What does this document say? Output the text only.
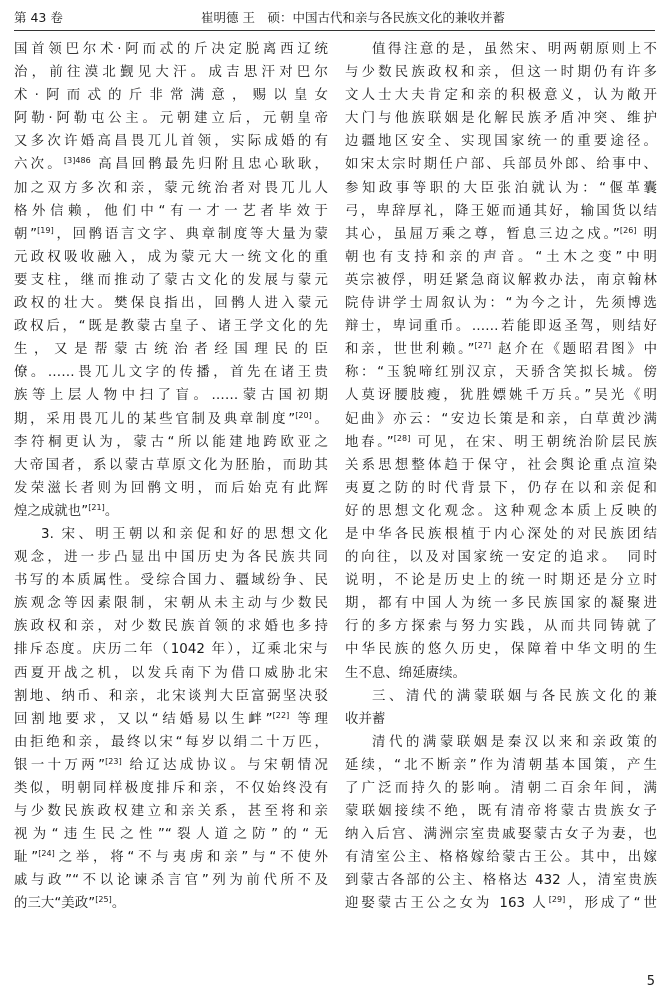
第 43 卷	崔明德 王　硕：中国古代和亲与各民族文化的兼收并蓄

国首领巴尔术·阿而忒的斤决定脱离西辽统

治，前往漠北觐见大汗。成吉思汗对巴尔

术·阿而忒的斤非常满意，赐以皇女

阿勒·阿勒屯公主。元朝建立后，元朝皇帝

又多次许婚高昌畏兀儿首领，实际成婚的有

六次。$^{[3]486}$ 高昌回鹘最先归附且忠心耿耿，

加之双方多次和亲，蒙元统治者对畏兀儿人

格外信赖，他们中“有一才一艺者毕效于

朝”[19]，回鹘语言文字、典章制度等大量为蒙

元政权吸收融入，成为蒙元大一统文化的重

要支柱，继而推动了蒙古文化的发展与蒙元

政权的壮大。樊保良指出，回鹘人进入蒙元

政权后，“既是教蒙古皇子、诸王学文化的先

生，又是帮蒙古统治者经国理民的臣

僚。……畏兀儿文字的传播，首先在诸王贵

族等上层人物中扫了盲。……蒙古国初期

期，采用畏兀儿的某些官制及典章制度”[20]。

李符桐更认为，蒙古“所以能建地跨欧亚之

大帝国者，系以蒙古草原文化为胚胎，而助其

发荣滋长者则为回鹘文明，而后始克有此辉

煌之成就也”[21]。

3. 宋、明王朝以和亲促和好的思想文化

观念，进一步凸显出中国历史为各民族共同

书写的本质属性。受综合国力、疆域纷争、民

族观念等因素限制，宋朝从未主动与少数民

族政权和亲，对少数民族首领的求婚也多持

排斥态度。庆历二年（1042 年），辽乘北宋与

西夏开战之机，以发兵南下为借口威胁北宋

割地、纳币、和亲，北宋谈判大臣富弼坚决驳

回割地要求，又以“结婚易以生衅”[22] 等理

由拒绝和亲，最终以宋“每岁以绢二十万匹，

银一十万两”[23] 给辽达成协议。与宋朝情况

类似，明朝同样极度排斥和亲，不仅始终没有

与少数民族政权建立和亲关系，甚至将和亲

视为“违生民之性”“裂人道之防”的“无

耻”[24]之举，将“不与夷虏和亲”与“不使外

戚与政”“不以论谏杀言官”列为前代所不及

的三大“美政”[25]。

值得注意的是，虽然宋、明两朝原则上不

与少数民族政权和亲，但这一时期仍有许多

文人士大夫肯定和亲的积极意义，认为敞开

大门与他族联姻是化解民族矛盾冲突、维护

边疆地区安全、实现国家统一的重要途径。

如宋太宗时期任户部、兵部员外郎、给事中、

参知政事等职的大臣张泊就认为：“偃革囊

弓，卑辞厚礼，降王姬而通其好，输国货以结

其心，虽屈万乘之尊，暂息三边之戍。”[26] 明

朝也有支持和亲的声音。“土木之变”中明

英宗被俘，明廷紧急商议解救办法，南京翰林

院侍讲学士周叙认为：“为今之计，先须博选

辩士，卑词重币。……若能即返圣驾，则结好

和亲，世世利赖。”[27] 赵介在《题昭君图》中

称：“玉貌啼红别汉京，天骄含笑拟长城。傍

人莫讶腰肢瘦，犹胜嫖姚千万兵。”吴光《明

妃曲》亦云：“安边长策是和亲，白草黄沙满

地春。”[28] 可见，在宋、明王朝统治阶层民族

关系思想整体趋于保守，社会舆论重点渲染

夷夏之防的时代背景下，仍存在以和亲促和

好的思想文化观念。这种观念本质上反映的

是中华各民族根植于内心深处的对民族团结

的向往，以及对国家统一安定的追求。　同时

说明，不论是历史上的统一时期还是分立时

期，都有中国人为统一多民族国家的凝聚进

行的多方探索与努力实践，从而共同铸就了

中华民族的悠久历史，保障着中华文明的生

生不息、绵延赓续。

三、清代的满蒙联姻与各民族文化的兼

收并蓄

清代的满蒙联姻是秦汉以来和亲政策的

延续，“北不断亲”作为清朝基本国策，产生

了广泛而持久的影响。清朝二百余年间，满

蒙联姻接续不绝，既有清帝将蒙古贵族女子

纳入后宫、满洲宗室贵戚娶蒙古女子为妻，也

有清室公主、格格嫁给蒙古王公。其中，出嫁

到蒙古各部的公主、格格达 432 人，清室贵族

迎娶蒙古王公之女为 163 人[29]，形成了“世

5
